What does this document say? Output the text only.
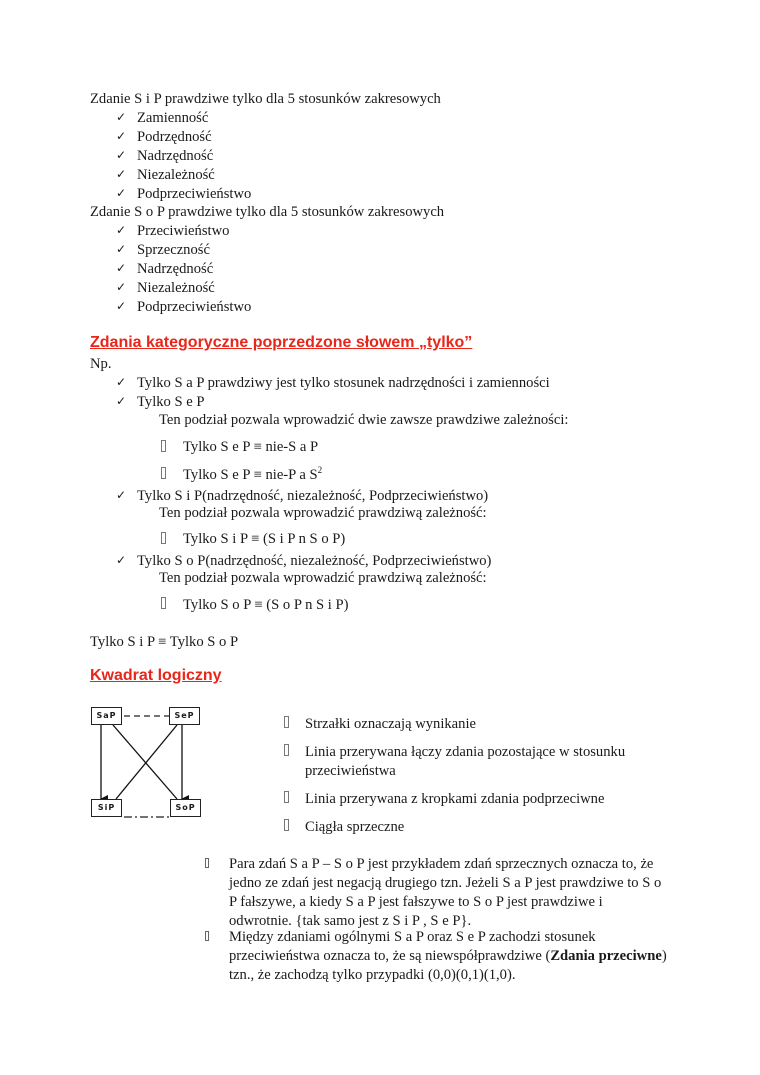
Zdanie S i P prawdziwe tylko dla 5 stosunków zakresowych
✓ Zamienność
✓ Podrzędność
✓ Nadrzędność
✓ Niezależność
✓ Podprzeciwieństwo
Zdanie S o P prawdziwe tylko dla 5 stosunków zakresowych
✓ Przeciwieństwo
✓ Sprzeczność
✓ Nadrzędność
✓ Niezależność
✓ Podprzeciwieństwo
Zdania kategoryczne poprzedzone słowem „tylko”
Np.
✓ Tylko S a P prawdziwy jest tylko stosunek nadrzędności i zamienności
✓ Tylko S e P
Ten podział pozwala wprowadzić dwie zawsze prawdziwe zależności:
Tylko S e P ≡ nie-S a P
Tylko S e P ≡ nie-P a $S^2$
✓ Tylko S i P(nadrzędność, niezależność, Podprzeciwieństwo)
Ten podział pozwala wprowadzić prawdziwą zależność:
Tylko S i P ≡ (S i P n S o P)
✓ Tylko S o P(nadrzędność, niezależność, Podprzeciwieństwo)
Ten podział pozwala wprowadzić prawdziwą zależność:
Tylko S o P ≡ (S o P n S i P)
Tylko S i P ≡ Tylko S o P
Kwadrat logiczny
SaP	SeP
SiP	SoP
Strzałki oznaczają wynikanie
Linia przerywana łączy zdania pozostające w stosunku przeciwieństwa
Linia przerywana z kropkami zdania podprzeciwne
Ciągła sprzeczne
Para zdań S a P – S o P jest przykładem zdań sprzecznych oznacza to, że jedno ze zdań jest negacją drugiego tzn. Jeżeli S a P jest prawdziwe to S o P fałszywe, a kiedy S a P jest fałszywe to S o P jest prawdziwe i odwrotnie. {tak samo jest z S i P , S e P}.
Między zdaniami ogólnymi S a P oraz S e P zachodzi stosunek przeciwieństwa oznacza to, że są niewspółprawdziwe (Zdania przeciwne) tzn., że zachodzą tylko przypadki (0,0)(0,1)(1,0).
